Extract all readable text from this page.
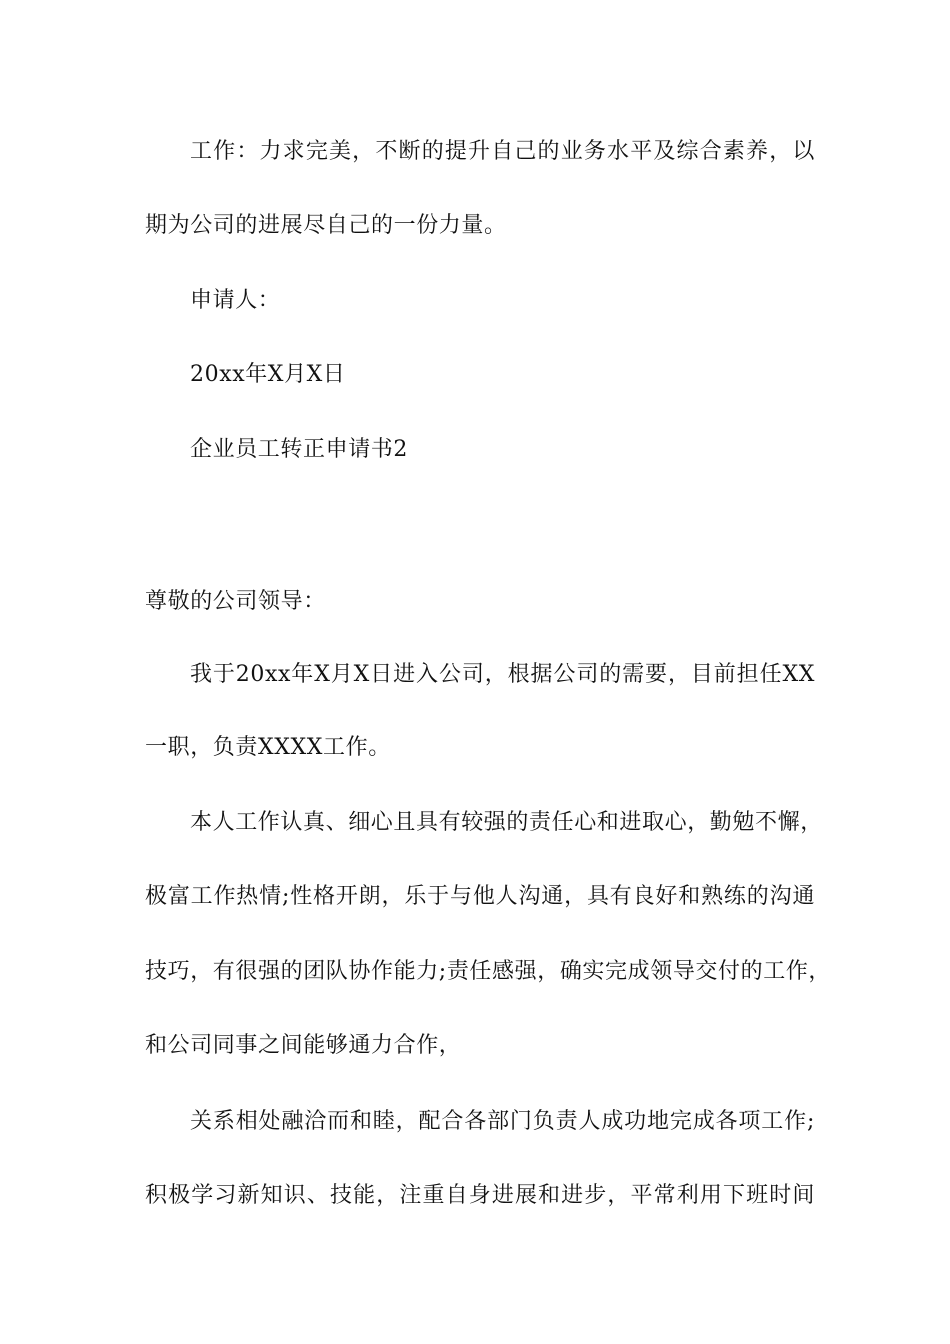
工作：力求完美，不断的提升自己的业务水平及综合素养，以
期为公司的进展尽自己的一份力量。
申请人：
20xx年X月X日
企业员工转正申请书2
尊敬的公司领导：
我于20xx年X月X日进入公司，根据公司的需要，目前担任XX
一职，负责XXXX工作。
本人工作认真、细心且具有较强的责任心和进取心，勤勉不懈，
极富工作热情;性格开朗，乐于与他人沟通，具有良好和熟练的沟通
技巧，有很强的团队协作能力;责任感强，确实完成领导交付的工作，
和公司同事之间能够通力合作，
关系相处融洽而和睦，配合各部门负责人成功地完成各项工作;
积极学习新知识、技能，注重自身进展和进步，平常利用下班时间
